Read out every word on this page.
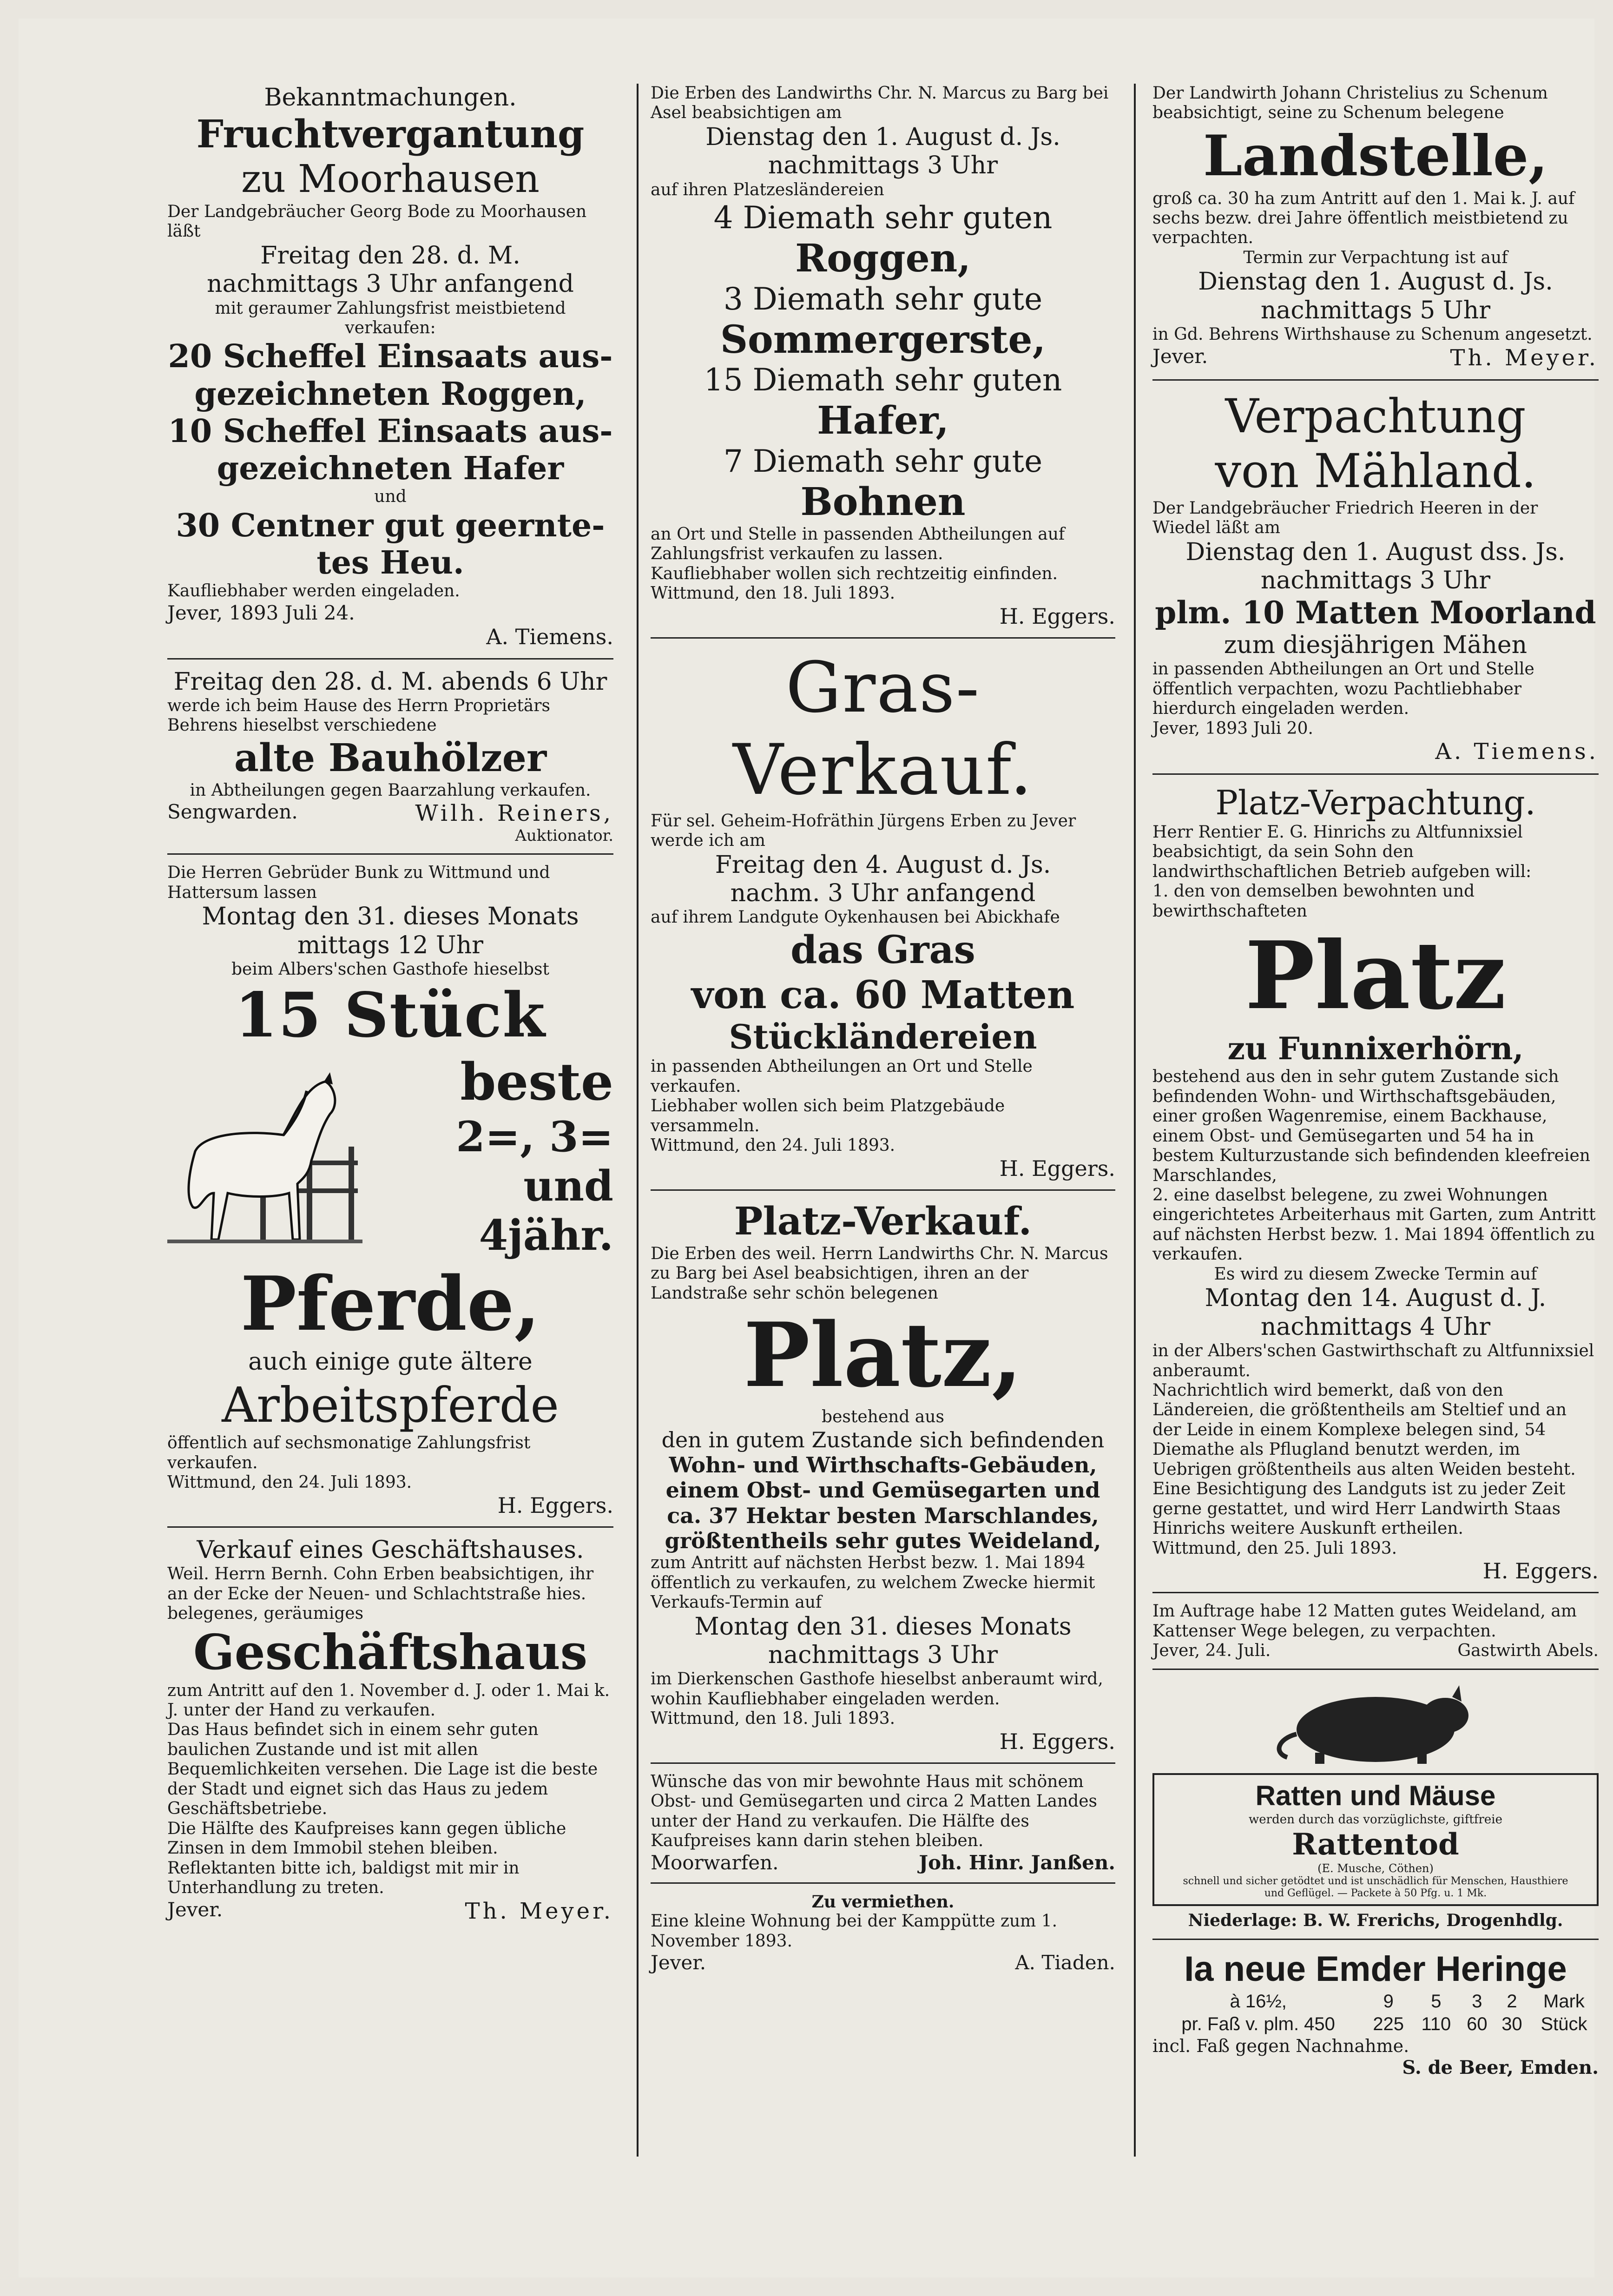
Bekanntmachungen.

Fruchtvergantung

zu Moorhausen

Der Landgebräucher Georg Bode zu Moorhausen läßt

Freitag den 28. d. M.

nachmittags 3 Uhr anfangend

mit geraumer Zahlungsfrist meistbietend verkaufen:

20 Scheffel Einsaats aus-

gezeichneten Roggen,

10 Scheffel Einsaats aus-

gezeichneten Hafer

und

30 Centner gut geernte-

tes Heu.

Kaufliebhaber werden eingeladen.

Jever, 1893 Juli 24.

A. Tiemens.

Freitag den 28. d. M. abends 6 Uhr

werde ich beim Hause des Herrn Proprietärs Behrens hieselbst verschiedene

alte Bauhölzer

in Abtheilungen gegen Baarzahlung verkaufen.

Sengwarden.	Wilh. Reiners,

Auktionator.

Die Herren Gebrüder Bunk zu Wittmund und Hattersum lassen

Montag den 31. dieses Monats

mittags 12 Uhr

beim Albers'schen Gasthofe hieselbst

15 Stück

beste

2=, 3= und

4jähr.

Pferde,

auch einige gute ältere

Arbeitspferde

öffentlich auf sechsmonatige Zahlungsfrist verkaufen.

Wittmund, den 24. Juli 1893.

H. Eggers.

Verkauf eines Geschäftshauses.

Weil. Herrn Bernh. Cohn Erben beabsichtigen, ihr an der Ecke der Neuen- und Schlachtstraße hies. belegenes, geräumiges

Geschäftshaus

zum Antritt auf den 1. November d. J. oder 1. Mai k. J. unter der Hand zu verkaufen.

Das Haus befindet sich in einem sehr guten baulichen Zustande und ist mit allen Bequemlichkeiten versehen. Die Lage ist die beste der Stadt und eignet sich das Haus zu jedem Geschäftsbetriebe.

Die Hälfte des Kaufpreises kann gegen übliche Zinsen in dem Immobil stehen bleiben.

Reflektanten bitte ich, baldigst mit mir in Unterhandlung zu treten.

Jever.	Th. Meyer.

Die Erben des Landwirths Chr. N. Marcus zu Barg bei Asel beabsichtigen am

Dienstag den 1. August d. Js.

nachmittags 3 Uhr

auf ihren Platzesländereien

4 Diemath sehr guten

Roggen,

3 Diemath sehr gute

Sommergerste,

15 Diemath sehr guten

Hafer,

7 Diemath sehr gute

Bohnen

an Ort und Stelle in passenden Abtheilungen auf Zahlungsfrist verkaufen zu lassen.

Kaufliebhaber wollen sich rechtzeitig einfinden.

Wittmund, den 18. Juli 1893.

H. Eggers.

Gras-Verkauf.

Für sel. Geheim-Hofräthin Jürgens Erben zu Jever werde ich am

Freitag den 4. August d. Js.

nachm. 3 Uhr anfangend

auf ihrem Landgute Oykenhausen bei Abickhafe

das Gras

von ca. 60 Matten

Stückländereien

in passenden Abtheilungen an Ort und Stelle verkaufen.

Liebhaber wollen sich beim Platzgebäude versammeln.

Wittmund, den 24. Juli 1893.

H. Eggers.

Platz-Verkauf.

Die Erben des weil. Herrn Landwirths Chr. N. Marcus zu Barg bei Asel beabsichtigen, ihren an der Landstraße sehr schön belegenen

Platz,

bestehend aus

den in gutem Zustande sich befindenden

Wohn- und Wirthschafts-Gebäuden,

einem Obst- und Gemüsegarten und

ca. 37 Hektar besten Marschlandes,

größtentheils sehr gutes Weideland,

zum Antritt auf nächsten Herbst bezw. 1. Mai 1894 öffentlich zu verkaufen, zu welchem Zwecke hiermit Verkaufs-Termin auf

Montag den 31. dieses Monats

nachmittags 3 Uhr

im Dierkenschen Gasthofe hieselbst anberaumt wird, wohin Kaufliebhaber eingeladen werden.

Wittmund, den 18. Juli 1893.

H. Eggers.

Wünsche das von mir bewohnte Haus mit schönem Obst- und Gemüsegarten und circa 2 Matten Landes unter der Hand zu verkaufen. Die Hälfte des Kaufpreises kann darin stehen bleiben.

Moorwarfen.	Joh. Hinr. Janßen.

Zu vermiethen.

Eine kleine Wohnung bei der Kamppütte zum 1. November 1893.

Jever.	A. Tiaden.

Der Landwirth Johann Christelius zu Schenum beabsichtigt, seine zu Schenum belegene

Landstelle,

groß ca. 30 ha zum Antritt auf den 1. Mai k. J. auf sechs bezw. drei Jahre öffentlich meistbietend zu verpachten.

Termin zur Verpachtung ist auf

Dienstag den 1. August d. Js.

nachmittags 5 Uhr

in Gd. Behrens Wirthshause zu Schenum angesetzt.

Jever.	Th. Meyer.

Verpachtung

von Mähland.

Der Landgebräucher Friedrich Heeren in der Wiedel läßt am

Dienstag den 1. August dss. Js.

nachmittags 3 Uhr

plm. 10 Matten Moorland

zum diesjährigen Mähen

in passenden Abtheilungen an Ort und Stelle öffentlich verpachten, wozu Pachtliebhaber hierdurch eingeladen werden.

Jever, 1893 Juli 20.

A. Tiemens.

Platz-Verpachtung.

Herr Rentier E. G. Hinrichs zu Altfunnixsiel beabsichtigt, da sein Sohn den landwirthschaftlichen Betrieb aufgeben will:

1. den von demselben bewohnten und bewirthschafteten

Platz

zu Funnixerhörn,

bestehend aus den in sehr gutem Zustande sich befindenden Wohn- und Wirthschaftsgebäuden, einer großen Wagenremise, einem Backhause, einem Obst- und Gemüsegarten und 54 ha in bestem Kulturzustande sich befindenden kleefreien Marschlandes,

2. eine daselbst belegene, zu zwei Wohnungen eingerichtetes Arbeiterhaus mit Garten, zum Antritt auf nächsten Herbst bezw. 1. Mai 1894 öffentlich zu verkaufen.

Es wird zu diesem Zwecke Termin auf

Montag den 14. August d. J.

nachmittags 4 Uhr

in der Albers'schen Gastwirthschaft zu Altfunnixsiel anberaumt.

Nachrichtlich wird bemerkt, daß von den Ländereien, die größtentheils am Steltief und an der Leide in einem Komplexe belegen sind, 54 Diemathe als Pflugland benutzt werden, im Uebrigen größtentheils aus alten Weiden besteht.

Eine Besichtigung des Landguts ist zu jeder Zeit gerne gestattet, und wird Herr Landwirth Staas Hinrichs weitere Auskunft ertheilen.

Wittmund, den 25. Juli 1893.

H. Eggers.

Im Auftrage habe 12 Matten gutes Weideland, am Kattenser Wege belegen, zu verpachten.

Jever, 24. Juli.	Gastwirth Abels.

Ratten und Mäuse

werden durch das vorzüglichste, giftfreie

Rattentod

(E. Musche, Cöthen)

schnell und sicher getödtet und ist unschädlich für Menschen, Hausthiere und Geflügel. — Packete à 50 Pfg. u. 1 Mk.

Niederlage: B. W. Frerichs, Drogenhdlg.

Ia neue Emder Heringe

à 16½,	9	5	3	2	Mark
pr. Faß v. plm. 450	225	110	60	30	Stück

incl. Faß gegen Nachnahme.

S. de Beer, Emden.
